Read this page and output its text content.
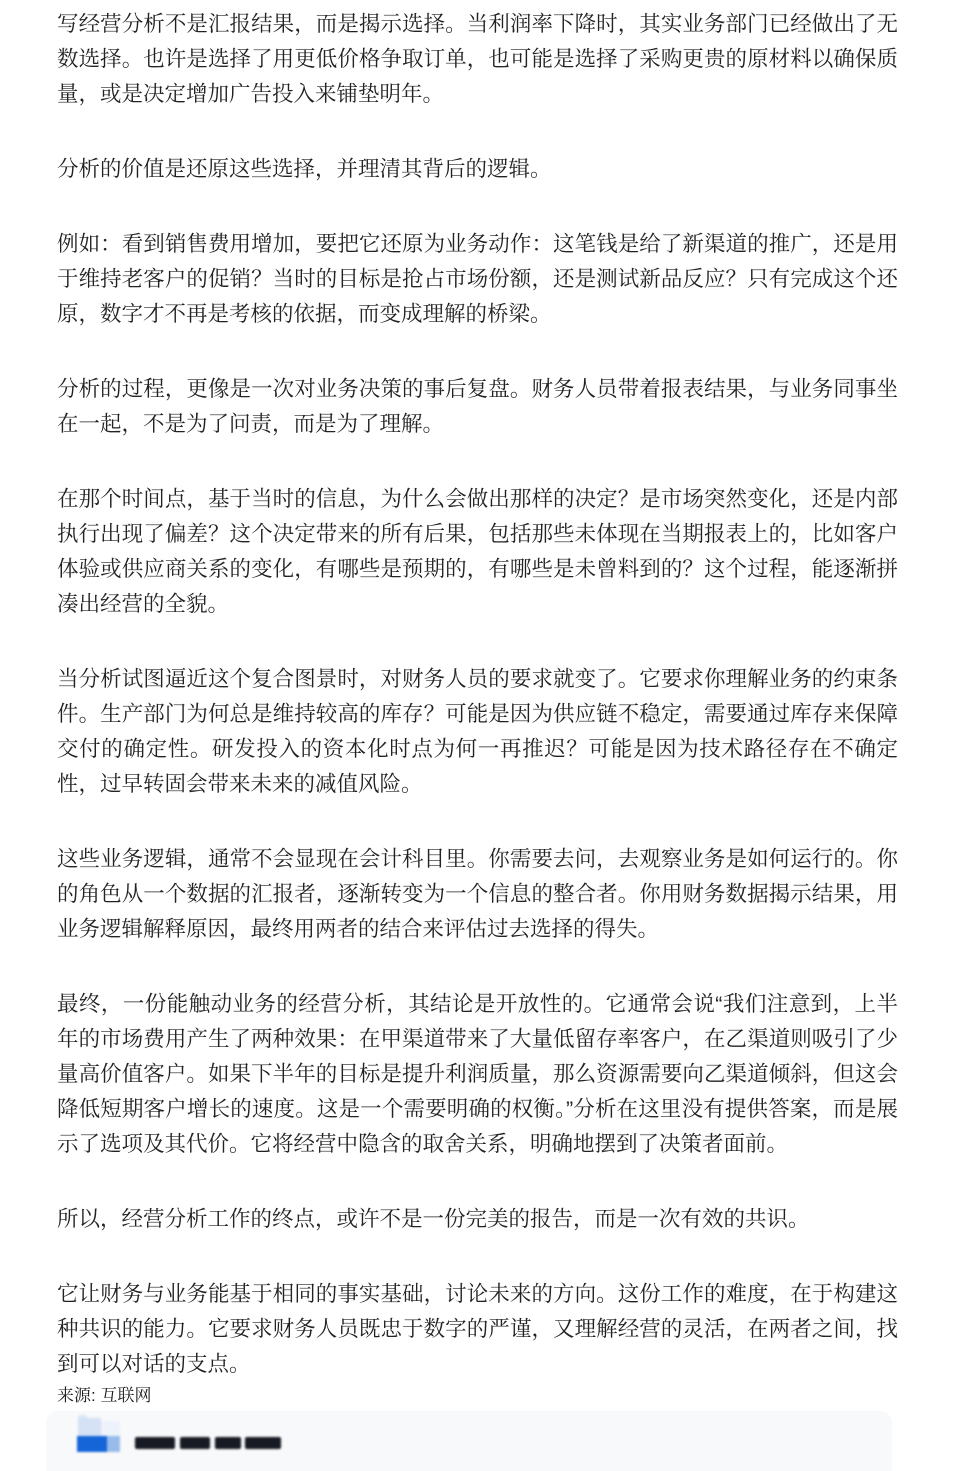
写经营分析不是汇报结果，而是揭示选择。当利润率下降时，其实业务部门已经做出了无数选择。也许是选择了用更低价格争取订单，也可能是选择了采购更贵的原材料以确保质量，或是决定增加广告投入来铺垫明年。

分析的价值是还原这些选择，并理清其背后的逻辑。

例如：看到销售费用增加，要把它还原为业务动作：这笔钱是给了新渠道的推广，还是用于维持老客户的促销？当时的目标是抢占市场份额，还是测试新品反应？只有完成这个还原，数字才不再是考核的依据，而变成理解的桥梁。

分析的过程，更像是一次对业务决策的事后复盘。财务人员带着报表结果，与业务同事坐在一起，不是为了问责，而是为了理解。

在那个时间点，基于当时的信息，为什么会做出那样的决定？是市场突然变化，还是内部执行出现了偏差？这个决定带来的所有后果，包括那些未体现在当期报表上的，比如客户体验或供应商关系的变化，有哪些是预期的，有哪些是未曾料到的？这个过程，能逐渐拼凑出经营的全貌。

当分析试图逼近这个复合图景时，对财务人员的要求就变了。它要求你理解业务的约束条件。生产部门为何总是维持较高的库存？可能是因为供应链不稳定，需要通过库存来保障交付的确定性。研发投入的资本化时点为何一再推迟？可能是因为技术路径存在不确定性，过早转固会带来未来的减值风险。

这些业务逻辑，通常不会显现在会计科目里。你需要去问，去观察业务是如何运行的。你的角色从一个数据的汇报者，逐渐转变为一个信息的整合者。你用财务数据揭示结果，用业务逻辑解释原因，最终用两者的结合来评估过去选择的得失。

最终，一份能触动业务的经营分析，其结论是开放性的。它通常会说“我们注意到，上半年的市场费用产生了两种效果：在甲渠道带来了大量低留存率客户，在乙渠道则吸引了少量高价值客户。如果下半年的目标是提升利润质量，那么资源需要向乙渠道倾斜，但这会降低短期客户增长的速度。这是一个需要明确的权衡。”分析在这里没有提供答案，而是展示了选项及其代价。它将经营中隐含的取舍关系，明确地摆到了决策者面前。

所以，经营分析工作的终点，或许不是一份完美的报告，而是一次有效的共识。

它让财务与业务能基于相同的事实基础，讨论未来的方向。这份工作的难度，在于构建这种共识的能力。它要求财务人员既忠于数字的严谨，又理解经营的灵活，在两者之间，找到可以对话的支点。

来源: 互联网
